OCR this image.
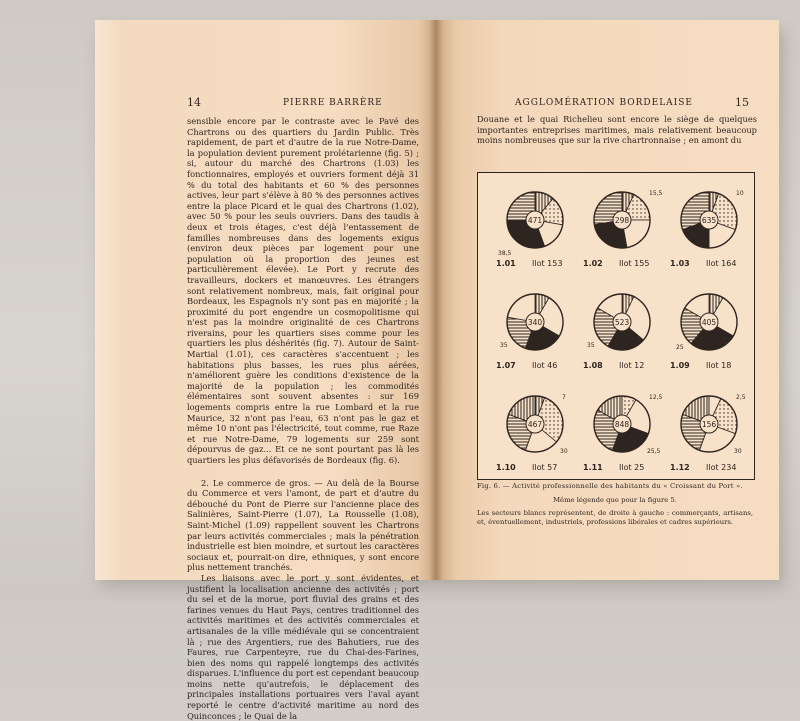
14	PIERRE BARRÈRE

sensible encore par le contraste avec le Pavé des Chartrons ou des quartiers du Jardin Public. Très rapidement, de part et d'autre de la rue Notre-Dame, la population devient purement prolétarienne (fig. 5) ; si, autour du marché des Chartrons (1.03) les fonctionnaires, employés et ouvriers forment déjà 31 % du total des habitants et 60 % des personnes actives, leur part s'élève à 80 % des personnes actives entre la place Picard et le quai des Chartrons (1.02), avec 50 % pour les seuls ouvriers. Dans des taudis à deux et trois étages, c'est déjà l'entassement de familles nombreuses dans des logements exigus (environ deux pièces par logement pour une population où la proportion des jeunes est particulièrement élevée). Le Port y recrute des travailleurs, dockers et manœuvres. Les étrangers sont relativement nombreux, mais, fait original pour Bordeaux, les Espagnols n'y sont pas en majorité ; la proximité du port engendre un cosmopolitisme qui n'est pas la moindre originalité de ces Chartrons riverains, pour les quartiers sises comme pour les quartiers les plus déshérités (fig. 7). Autour de Saint-Martial (1.01), ces caractères s'accentuent ; les habitations plus basses, les rues plus aérées, n'améliorent guère les conditions d'existence de la majorité de la population ; les commodités élémentaires sont souvent absentes : sur 169 logements compris entre la rue Lombard et la rue Maurice, 32 n'ont pas l'eau, 63 n'ont pas le gaz et même 10 n'ont pas l'électricité, tout comme, rue Raze et rue Notre-Dame, 79 logements sur 259 sont dépourvus de gaz... Et ce ne sont pourtant pas là les quartiers les plus défavorisés de Bordeaux (fig. 6).

2. Le commerce de gros. — Au delà de la Bourse du Commerce et vers l'amont, de part et d'autre du débouché du Pont de Pierre sur l'ancienne place des Salinières, Saint-Pierre (1.07), La Rousselle (1.08), Saint-Michel (1.09) rappellent souvent les Chartrons par leurs activités commerciales ; mais la pénétration industrielle est bien moindre, et surtout les caractères sociaux et, pourrait-on dire, ethniques, y sont encore plus nettement tranchés.

Les liaisons avec le port y sont évidentes, et justifient la localisation ancienne des activités ; port du sel et de la morue, port fluvial des grains et des farines venues du Haut Pays, centres traditionnel des activités maritimes et des activités commerciales et artisanales de la ville médiévale qui se concentraient là ; rue des Argentiers, rue des Bahutiers, rue des Faures, rue Carpenteyre, rue du Chai-des-Farines, bien des noms qui rappelé longtemps des activités disparues. L'influence du port est cependant beaucoup moins nette qu'autrefois, le déplacement des principales installations portuaires vers l'aval ayant reporté le centre d'activité maritime au nord des Quinconces ; le Quai de la

AGGLOMÉRATION BORDELAISE	15

Douane et le quai Richelieu sont encore le siège de quelques importantes entreprises maritimes, mais relativement beaucoup moins nombreuses que sur la rive chartronnaise ; en amont du

471
38,5
1.01 Ilot 153
298
15,5
1.02 Ilot 155
635
10
1.03 Ilot 164
340
35
1.07 Ilot 46
523
35
1.08 Ilot 12
405
25
1.09 Ilot 18
467
7
30
1.10 Ilot 57
848
12,5
25,5
1.11 Ilot 25
156
2,5
30
1.12 Ilot 234
Fig. 6. — Activité professionnelle des habitants du « Croissant du Port ».
Même légende que pour la figure 5.
Les secteurs blancs représentent, de droite à gauche : commerçants, artisans, et, éventuellement, industriels, professions libérales et cadres supérieurs.
